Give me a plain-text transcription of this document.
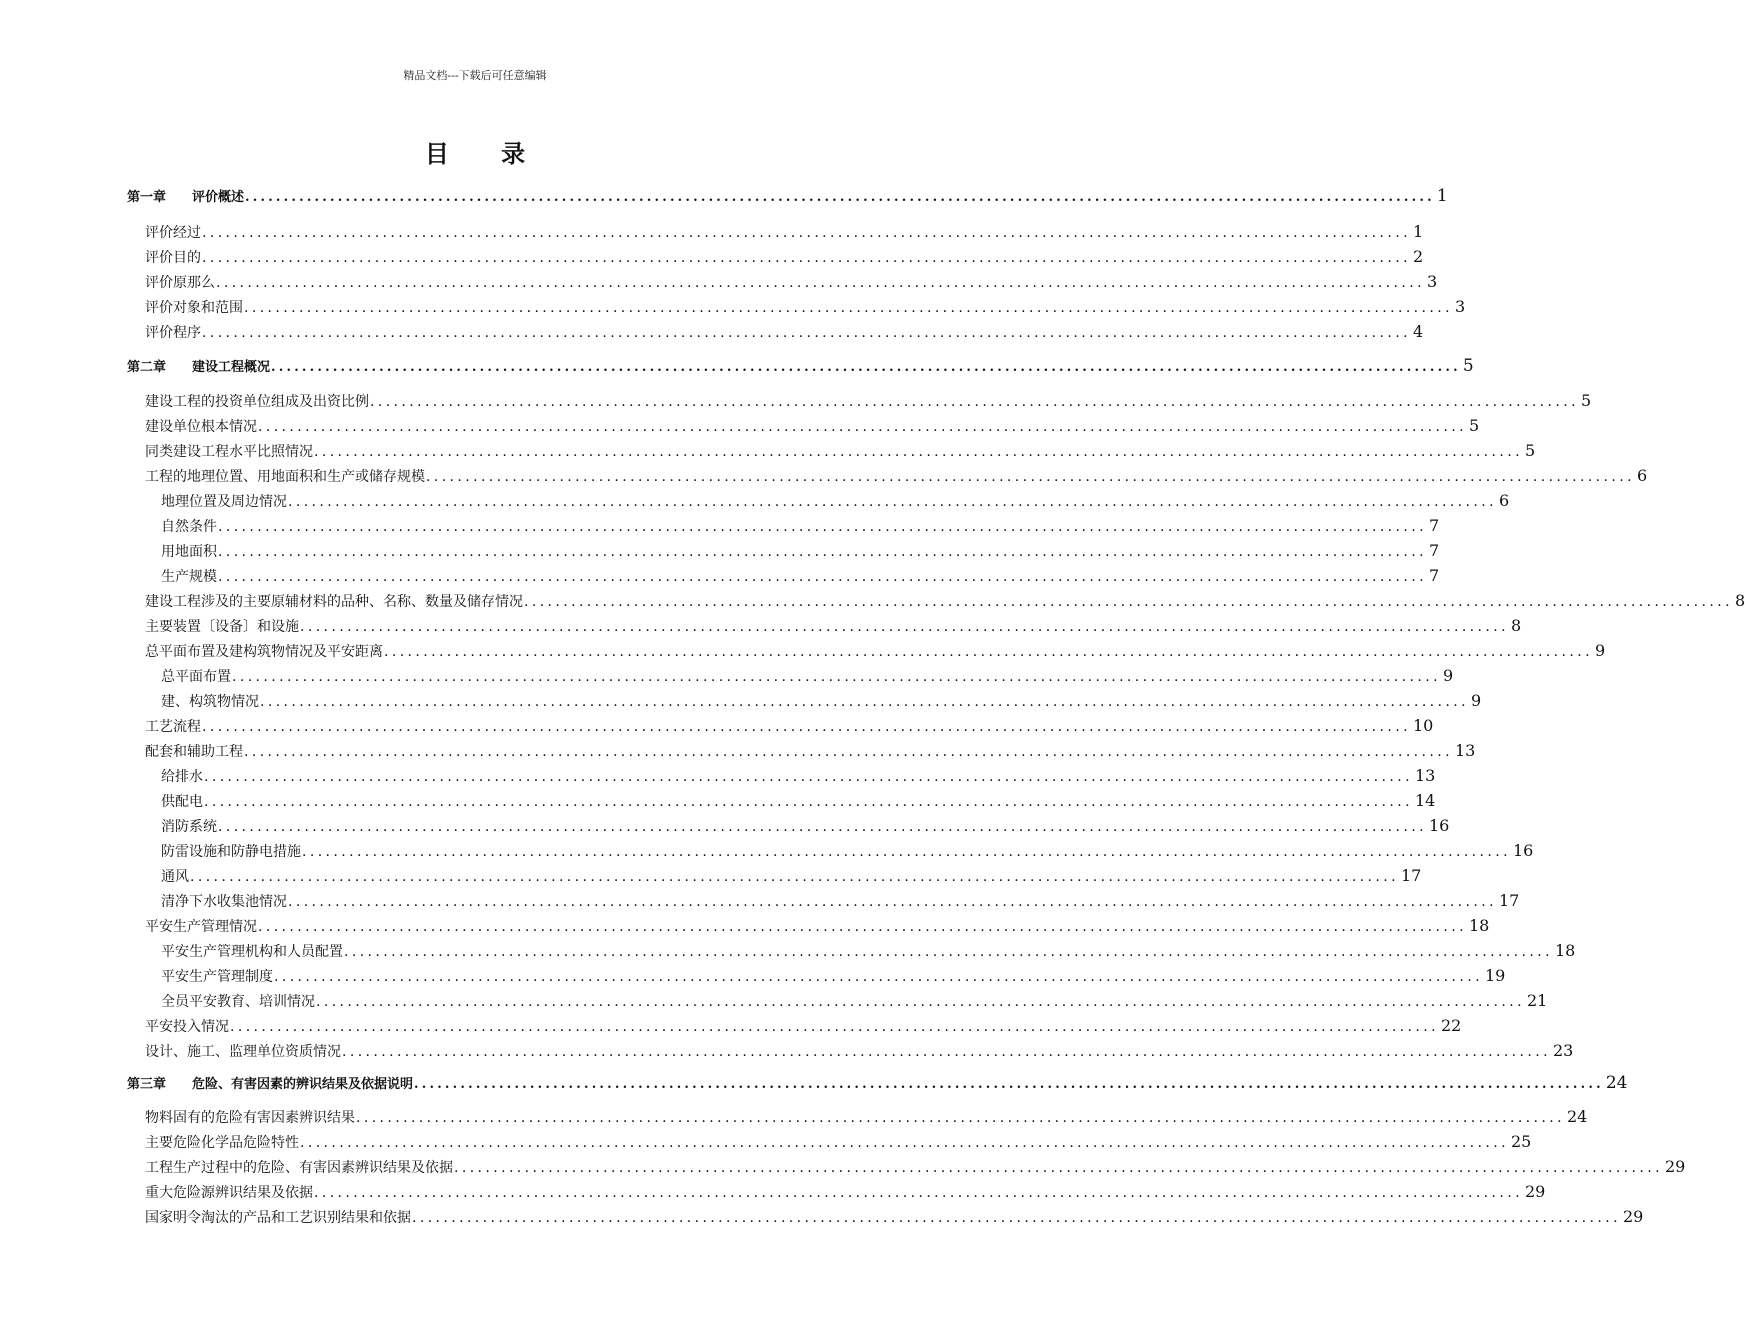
精品文档---下载后可任意编辑
目 录
第一章 评价概述 .......................................................................................................................................................... 1
评价经过 .......................................................................................................................................................... 1
评价目的 .......................................................................................................................................................... 2
评价原那么 .......................................................................................................................................................... 3
评价对象和范围 .......................................................................................................................................................... 3
评价程序 .......................................................................................................................................................... 4
第二章 建设工程概况 .......................................................................................................................................................... 5
建设工程的投资单位组成及出资比例 .......................................................................................................................................................... 5
建设单位根本情况 .......................................................................................................................................................... 5
同类建设工程水平比照情况 .......................................................................................................................................................... 5
工程的地理位置、用地面积和生产或储存规模 .......................................................................................................................................................... 6
地理位置及周边情况 .......................................................................................................................................................... 6
自然条件 .......................................................................................................................................................... 7
用地面积 .......................................................................................................................................................... 7
生产规模 .......................................................................................................................................................... 7
建设工程涉及的主要原辅材料的品种、名称、数量及储存情况 .......................................................................................................................................................... 8
主要装置〔设备〕和设施 .......................................................................................................................................................... 8
总平面布置及建构筑物情况及平安距离 .......................................................................................................................................................... 9
总平面布置 .......................................................................................................................................................... 9
建、构筑物情况 .......................................................................................................................................................... 9
工艺流程 .......................................................................................................................................................... 10
配套和辅助工程 .......................................................................................................................................................... 13
给排水 .......................................................................................................................................................... 13
供配电 .......................................................................................................................................................... 14
消防系统 .......................................................................................................................................................... 16
防雷设施和防静电措施 .......................................................................................................................................................... 16
通风 .......................................................................................................................................................... 17
清净下水收集池情况 .......................................................................................................................................................... 17
平安生产管理情况 .......................................................................................................................................................... 18
平安生产管理机构和人员配置 .......................................................................................................................................................... 18
平安生产管理制度 .......................................................................................................................................................... 19
全员平安教育、培训情况 .......................................................................................................................................................... 21
平安投入情况 .......................................................................................................................................................... 22
设计、施工、监理单位资质情况 .......................................................................................................................................................... 23
第三章 危险、有害因素的辨识结果及依据说明 .......................................................................................................................................................... 24
物料固有的危险有害因素辨识结果 .......................................................................................................................................................... 24
主要危险化学品危险特性 .......................................................................................................................................................... 25
工程生产过程中的危险、有害因素辨识结果及依据 .......................................................................................................................................................... 29
重大危险源辨识结果及依据 .......................................................................................................................................................... 29
国家明令淘汰的产品和工艺识别结果和依据 .......................................................................................................................................................... 29
